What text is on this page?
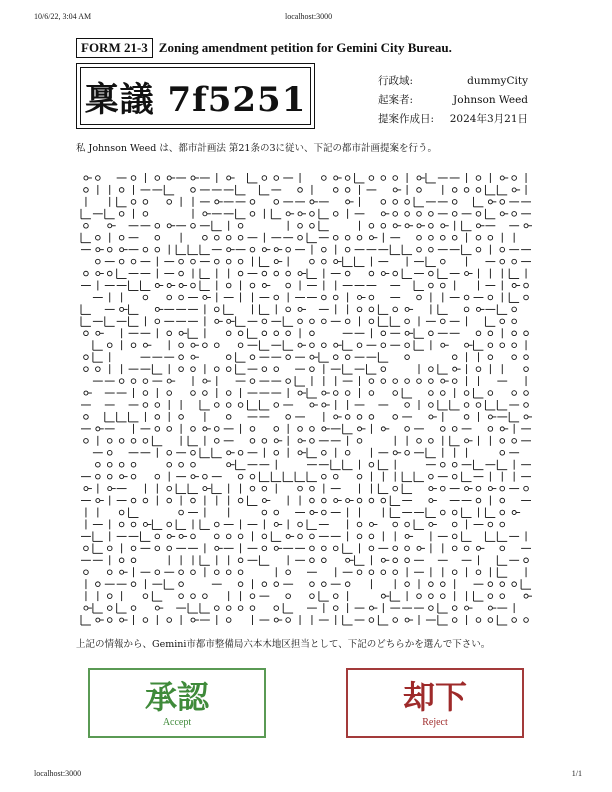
10/6/22, 3:04 AM	localhost:3000
FORM 21-3 Zoning amendment petition for Gemini City Bureau.
稟議 7f5251	行政域:	dummyCity
起案者:	Johnson Weed
提案作成日: 2024年3月21日
私 Johnson Weed は、都市計画法 第21条の3に従い、下記の都市計画提案を行う。
上記の情報から、Gemini市都市整備局六本木地区担当として、下記のどちらかを選んで下さい。
承認
Accept
却下
Reject
localhost:3000	1/1
